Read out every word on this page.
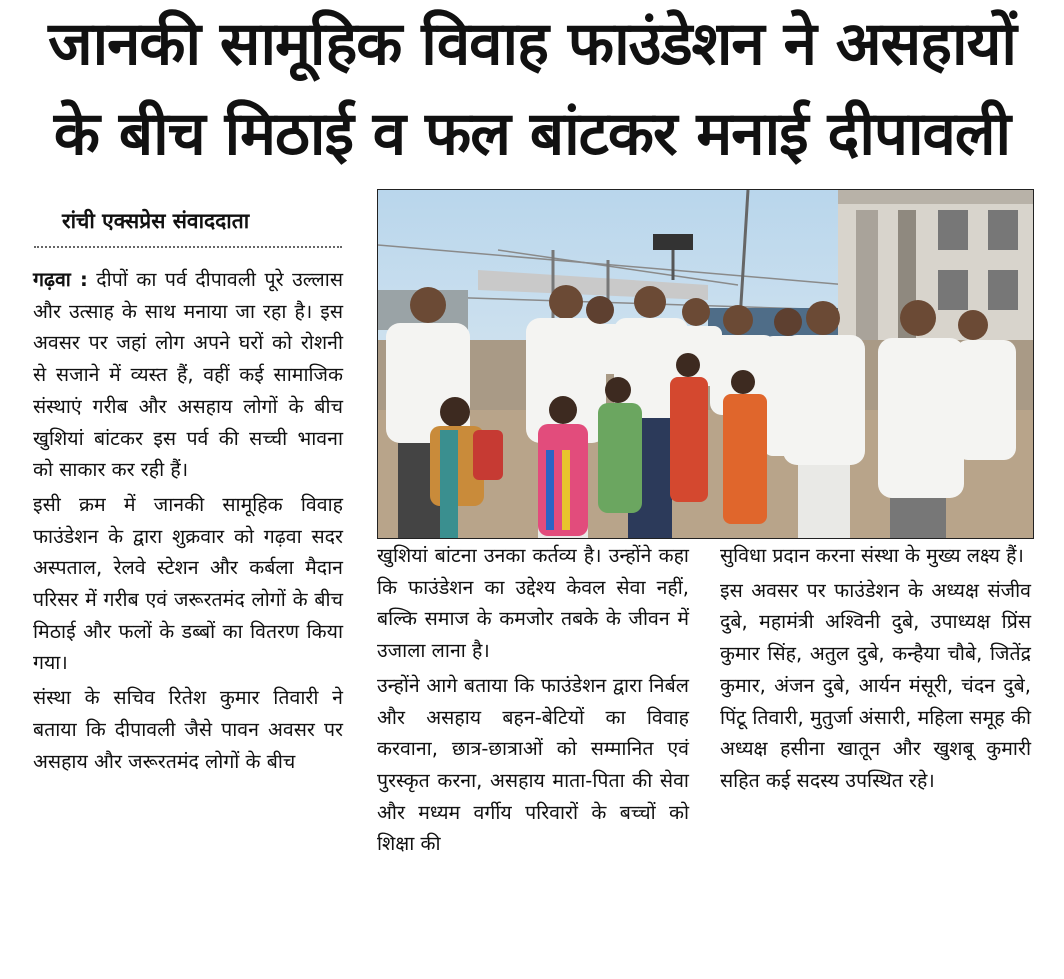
जानकी सामूहिक विवाह फाउंडेशन ने असहायों
के बीच मिठाई व फल बांटकर मनाई दीपावली
रांची एक्सप्रेस संवाददाता

गढ़वा : दीपों का पर्व दीपावली पूरे उल्लास और उत्साह के साथ मनाया जा रहा है। इस अवसर पर जहां लोग अपने घरों को रोशनी से सजाने में व्यस्त हैं, वहीं कई सामाजिक संस्थाएं गरीब और असहाय लोगों के बीच खुशियां बांटकर इस पर्व की सच्ची भावना को साकार कर रही हैं।

इसी क्रम में जानकी सामूहिक विवाह फाउंडेशन के द्वारा शुक्रवार को गढ़वा सदर अस्पताल, रेलवे स्टेशन और कर्बला मैदान परिसर में गरीब एवं जरूरतमंद लोगों के बीच मिठाई और फलों के डब्बों का वितरण किया गया।

संस्था के सचिव रितेश कुमार तिवारी ने बताया कि दीपावली जैसे पावन अवसर पर असहाय और जरूरतमंद लोगों के बीच

खुशियां बांटना उनका कर्तव्य है। उन्होंने कहा कि फाउंडेशन का उद्देश्य केवल सेवा नहीं, बल्कि समाज के कमजोर तबके के जीवन में उजाला लाना है।

उन्होंने आगे बताया कि फाउंडेशन द्वारा निर्बल और असहाय बहन-बेटियों का विवाह करवाना, छात्र-छात्राओं को सम्मानित एवं पुरस्कृत करना, असहाय माता-पिता की सेवा और मध्यम वर्गीय परिवारों के बच्चों को शिक्षा की

सुविधा प्रदान करना संस्था के मुख्य लक्ष्य हैं।

इस अवसर पर फाउंडेशन के अध्यक्ष संजीव दुबे, महामंत्री अश्विनी दुबे, उपाध्यक्ष प्रिंस कुमार सिंह, अतुल दुबे, कन्हैया चौबे, जितेंद्र कुमार, अंजन दुबे, आर्यन मंसूरी, चंदन दुबे, पिंटू तिवारी, मुतुर्जा अंसारी, महिला समूह की अध्यक्ष हसीना खातून और खुशबू कुमारी सहित कई सदस्य उपस्थित रहे।
